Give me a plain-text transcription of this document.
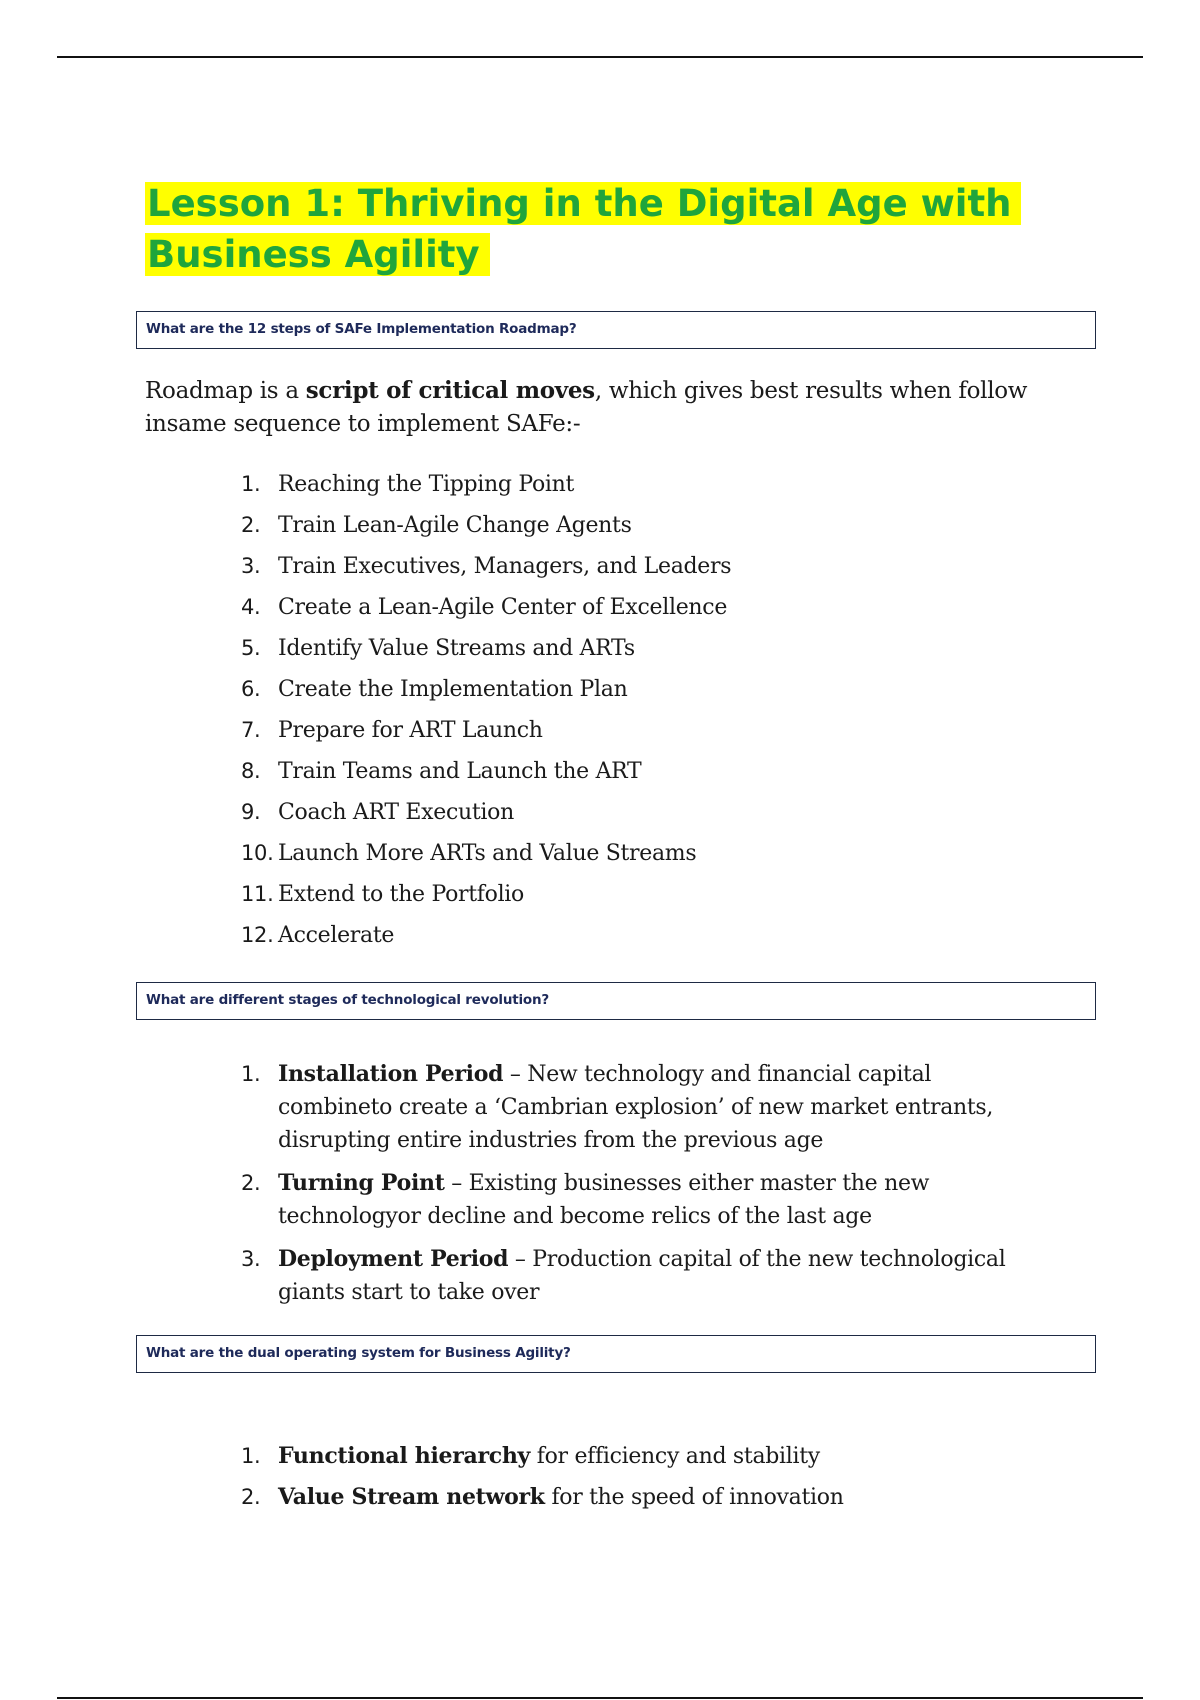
Lesson 1: Thriving in the Digital Age with Business Agility
What are the 12 steps of SAFe Implementation Roadmap?

Roadmap is a script of critical moves, which gives best results when follow insame sequence to implement SAFe:-

1. Reaching the Tipping Point
2. Train Lean-Agile Change Agents
3. Train Executives, Managers, and Leaders
4. Create a Lean-Agile Center of Excellence
5. Identify Value Streams and ARTs
6. Create the Implementation Plan
7. Prepare for ART Launch
8. Train Teams and Launch the ART
9. Coach ART Execution
10. Launch More ARTs and Value Streams
11. Extend to the Portfolio
12. Accelerate
What are different stages of technological revolution?
1. Installation Period – New technology and financial capital combineto create a ‘Cambrian explosion’ of new market entrants, disrupting entire industries from the previous age
2. Turning Point – Existing businesses either master the new technologyor decline and become relics of the last age
3. Deployment Period – Production capital of the new technological giants start to take over
What are the dual operating system for Business Agility?
1. Functional hierarchy for efficiency and stability
2. Value Stream network for the speed of innovation
